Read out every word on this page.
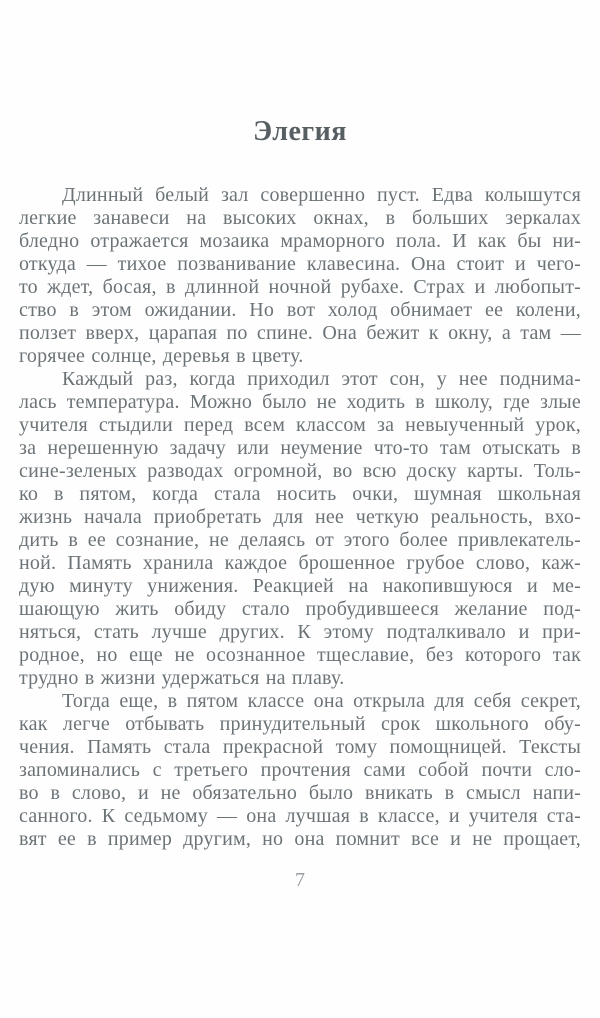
Элегия
Длинный белый зал совершенно пуст. Едва колышутся
легкие занавеси на высоких окнах, в больших зеркалах
бледно отражается мозаика мраморного пола. И как бы ни-
откуда — тихое позванивание клавесина. Она стоит и чего-
то ждет, босая, в длинной ночной рубахе. Страх и любопыт-
ство в этом ожидании. Но вот холод обнимает ее колени,
ползет вверх, царапая по спине. Она бежит к окну, а там —
горячее солнце, деревья в цвету.
Каждый раз, когда приходил этот сон, у нее поднима-
лась температура. Можно было не ходить в школу, где злые
учителя стыдили перед всем классом за невыученный урок,
за нерешенную задачу или неумение что-то там отыскать в
сине-зеленых разводах огромной, во всю доску карты. Толь-
ко в пятом, когда стала носить очки, шумная школьная
жизнь начала приобретать для нее четкую реальность, вхо-
дить в ее сознание, не делаясь от этого более привлекатель-
ной. Память хранила каждое брошенное грубое слово, каж-
дую минуту унижения. Реакцией на накопившуюся и ме-
шающую жить обиду стало пробудившееся желание под-
няться, стать лучше других. К этому подталкивало и при-
родное, но еще не осознанное тщеславие, без которого так
трудно в жизни удержаться на плаву.
Тогда еще, в пятом классе она открыла для себя секрет,
как легче отбывать принудительный срок школьного обу-
чения. Память стала прекрасной тому помощницей. Тексты
запоминались с третьего прочтения сами собой почти сло-
во в слово, и не обязательно было вникать в смысл напи-
санного. К седьмому — она лучшая в классе, и учителя ста-
вят ее в пример другим, но она помнит все и не прощает,
7
